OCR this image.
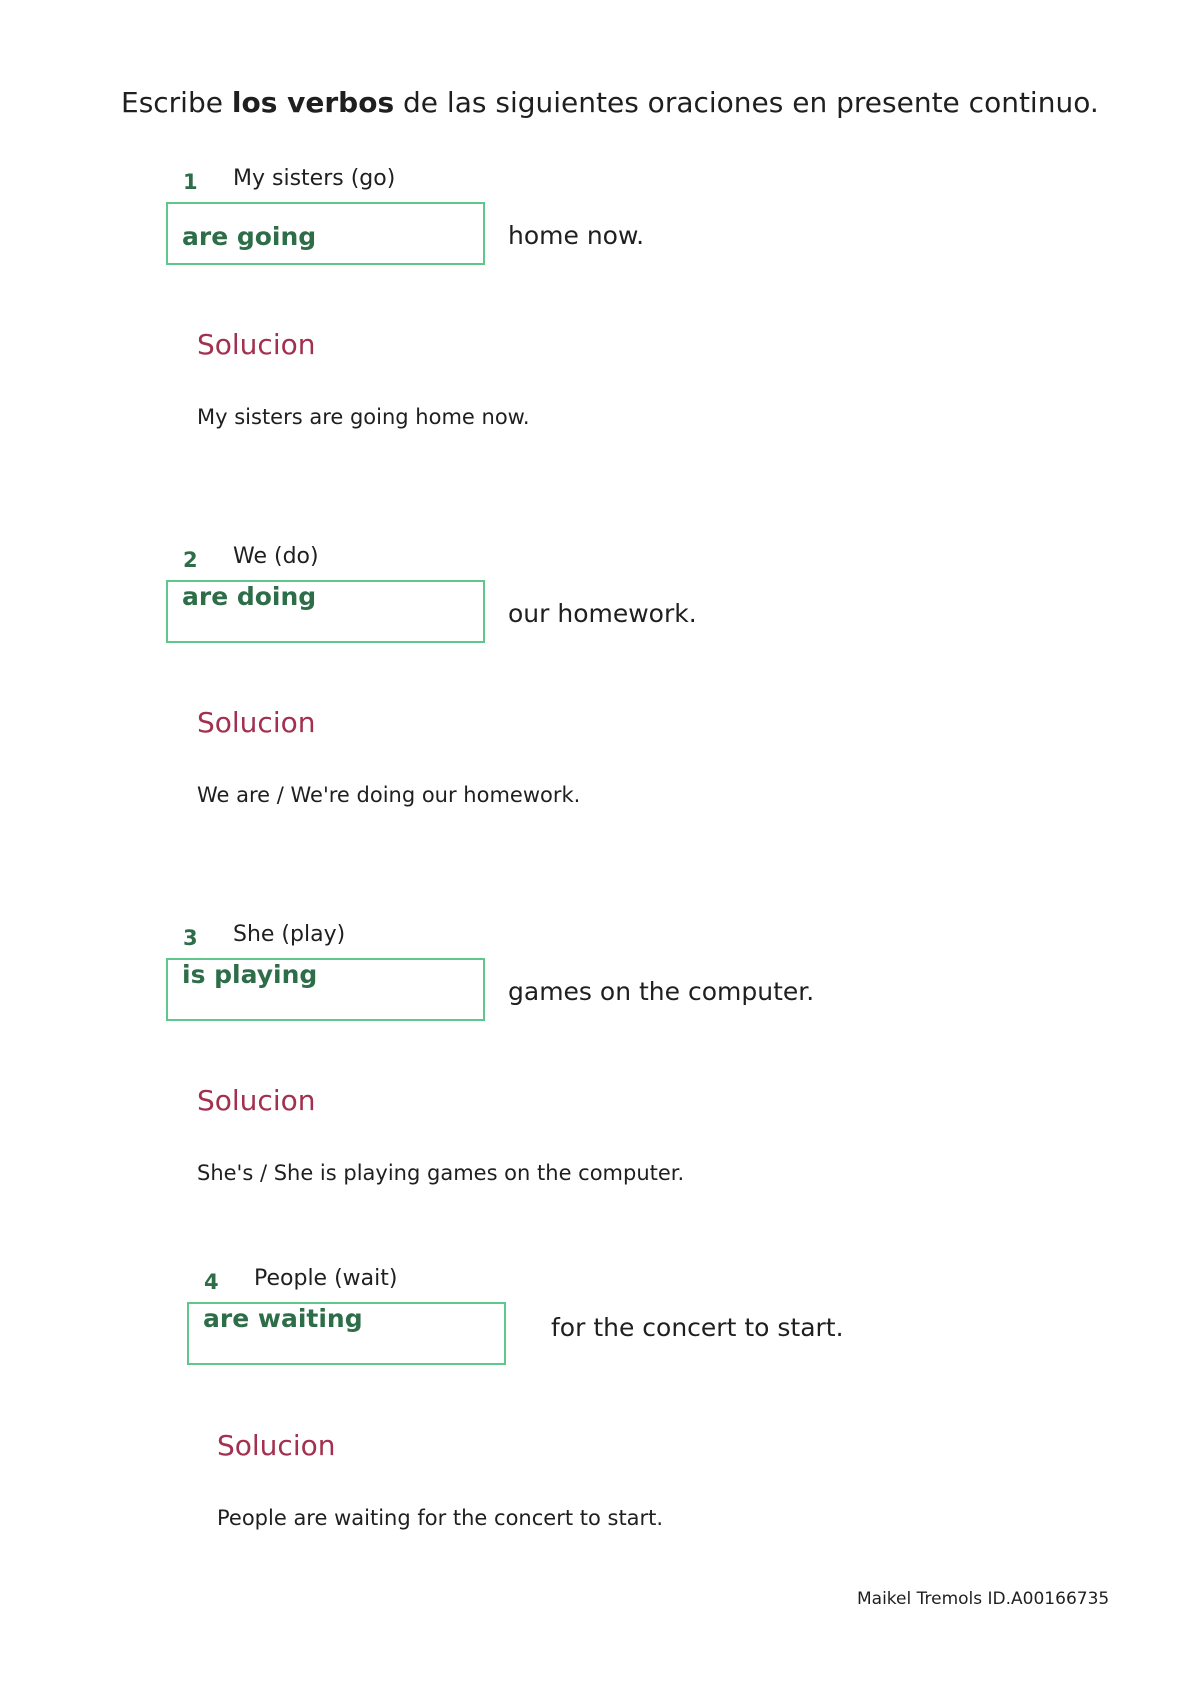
Escribe los verbos de las siguientes oraciones en presente continuo.
1 My sisters (go)
are going	home now.
Solucion
My sisters are going home now.
2 We (do)
are doing
our homework.
Solucion
We are / We're doing our homework.
3 She (play)
is playing
games on the computer.
Solucion
She's / She is playing games on the computer.
4 People (wait)
are waiting	for the concert to start.
Solucion
People are waiting for the concert to start.
Maikel Tremols ID.A00166735
